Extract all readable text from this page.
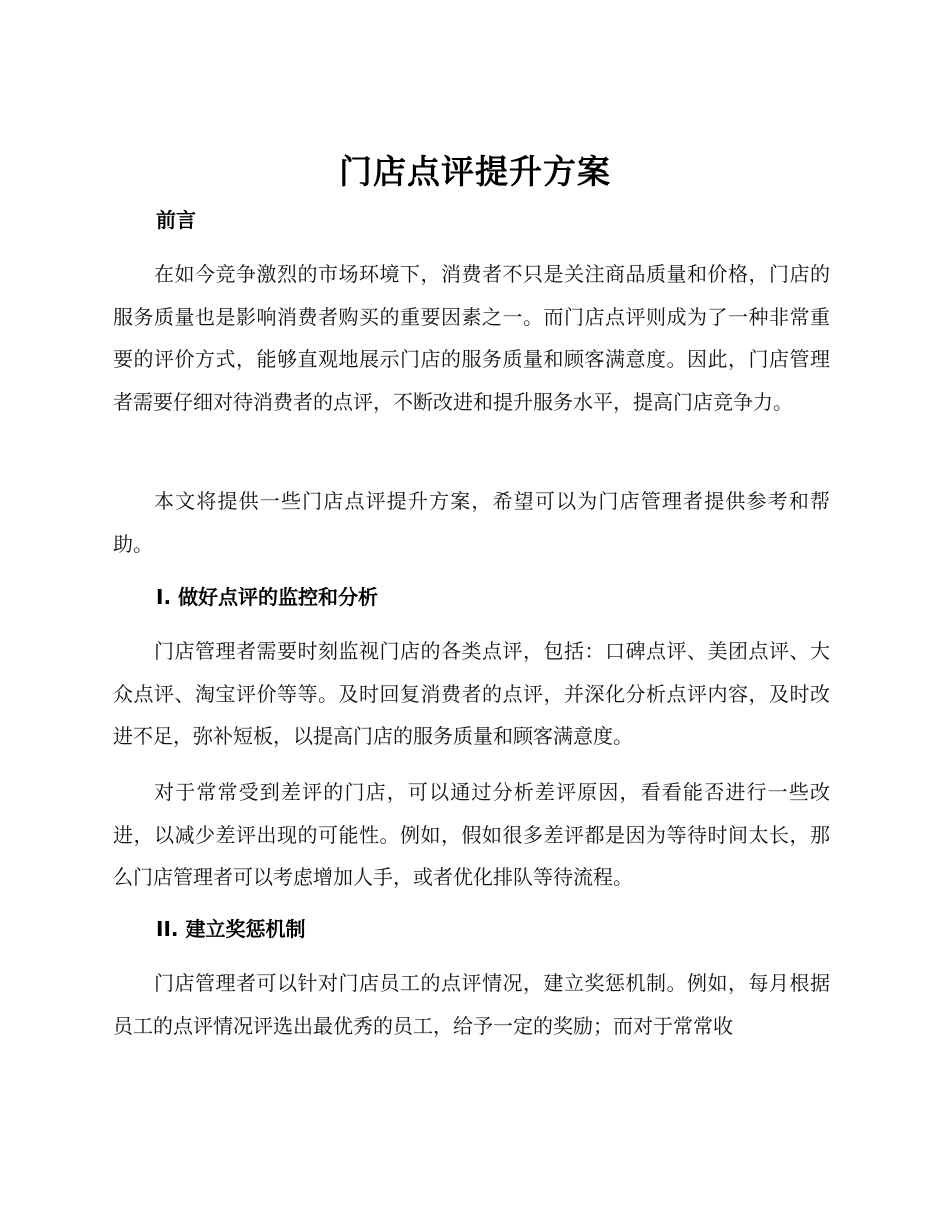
门店点评提升方案
前言

在如今竞争激烈的市场环境下，消费者不只是关注商品质量和价格，门店的服务质量也是影响消费者购买的重要因素之一。而门店点评则成为了一种非常重要的评价方式，能够直观地展示门店的服务质量和顾客满意度。因此，门店管理者需要仔细对待消费者的点评，不断改进和提升服务水平，提高门店竞争力。

本文将提供一些门店点评提升方案，希望可以为门店管理者提供参考和帮助。

I. 做好点评的监控和分析

门店管理者需要时刻监视门店的各类点评，包括：口碑点评、美团点评、大众点评、淘宝评价等等。及时回复消费者的点评，并深化分析点评内容，及时改进不足，弥补短板，以提高门店的服务质量和顾客满意度。

对于常常受到差评的门店，可以通过分析差评原因，看看能否进行一些改进，以减少差评出现的可能性。例如，假如很多差评都是因为等待时间太长，那么门店管理者可以考虑增加人手，或者优化排队等待流程。

II. 建立奖惩机制

门店管理者可以针对门店员工的点评情况，建立奖惩机制。例如，每月根据员工的点评情况评选出最优秀的员工，给予一定的奖励；而对于常常收
